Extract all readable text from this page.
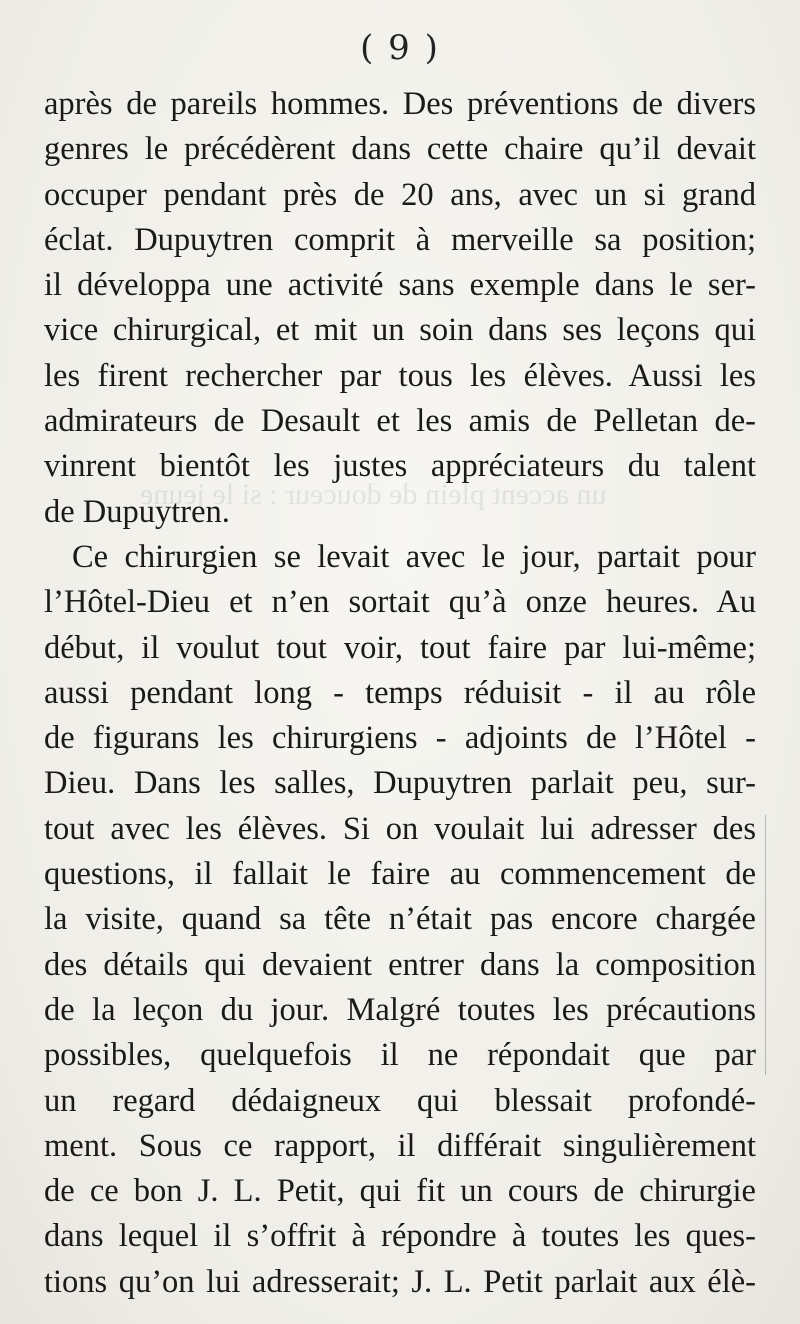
( 9 )
après de pareils hommes. Des préventions de divers
genres le précédèrent dans cette chaire qu’il devait
occuper pendant près de 20 ans, avec un si grand
éclat. Dupuytren comprit à merveille sa position;
il développa une activité sans exemple dans le ser-
vice chirurgical, et mit un soin dans ses leçons qui
les firent rechercher par tous les élèves. Aussi les
admirateurs de Desault et les amis de Pelletan de-
vinrent bientôt les justes appréciateurs du talent
de Dupuytren.
Ce chirurgien se levait avec le jour, partait pour
l’Hôtel-Dieu et n’en sortait qu’à onze heures. Au
début, il voulut tout voir, tout faire par lui-même;
aussi pendant long - temps réduisit - il au rôle
de figurans les chirurgiens - adjoints de l’Hôtel -
Dieu. Dans les salles, Dupuytren parlait peu, sur-
tout avec les élèves. Si on voulait lui adresser des
questions, il fallait le faire au commencement de
la visite, quand sa tête n’était pas encore chargée
des détails qui devaient entrer dans la composition
de la leçon du jour. Malgré toutes les précautions
possibles, quelquefois il ne répondait que par
un regard dédaigneux qui blessait profondé-
ment. Sous ce rapport, il différait singulièrement
de ce bon J. L. Petit, qui fit un cours de chirurgie
dans lequel il s’offrit à répondre à toutes les ques-
tions qu’on lui adresserait; J. L. Petit parlait aux élè-
